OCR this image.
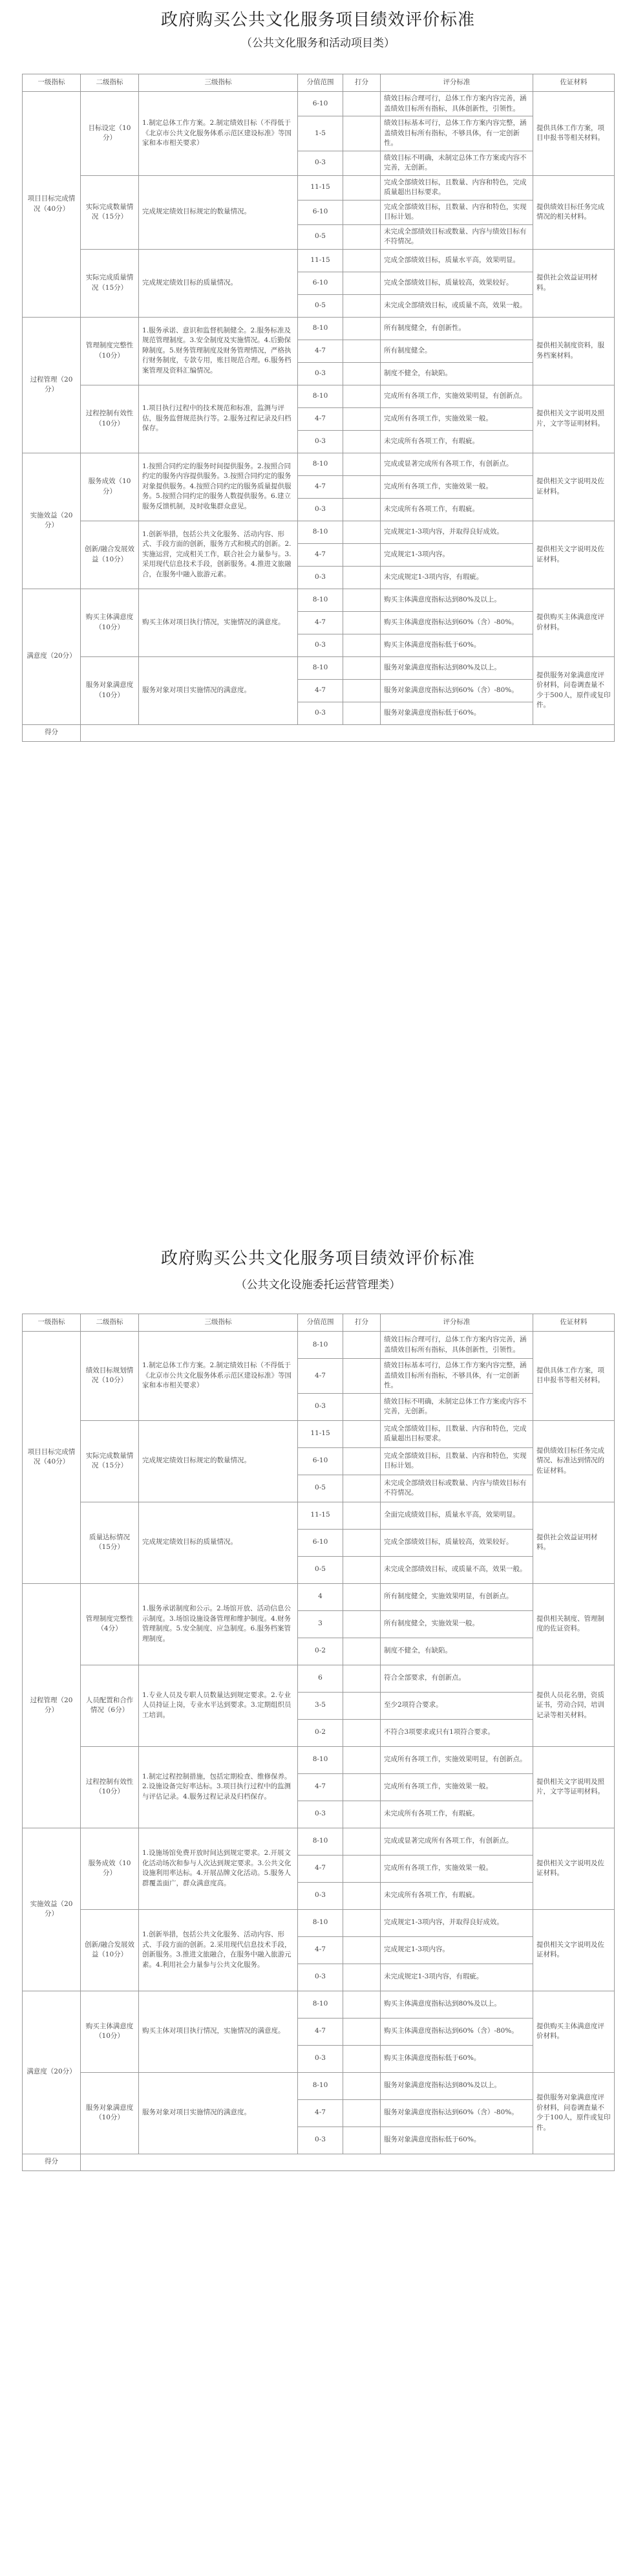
政府购买公共文化服务项目绩效评价标准
（公共文化服务和活动项目类）
一级指标	二级指标	三级指标	分值范围	打分	评分标准	佐证材料
项目目标完成情况（40分）	目标设定（10分）	1.制定总体工作方案。2.制定绩效目标（不得低于《北京市公共文化服务体系示范区建设标准》等国家和本市相关要求）	6-10		绩效目标合理可行，总体工作方案内容完善，涵盖绩效目标所有指标，具体创新性，引领性。	提供具体工作方案，项目申报书等相关材料。
			1-5		绩效目标基本可行，总体工作方案内容完整，涵盖绩效目标所有指标，不够具体，有一定创新性。	
			0-3		绩效目标不明确，未制定总体工作方案或内容不完善，无创新。	
	实际完成数量情况（15分）	完成规定绩效目标规定的数量情况。	11-15		完成全部绩效目标，且数量、内容和特色，完成质量超出目标要求。	提供绩效目标任务完成情况的相关材料。
			6-10		完成全部绩效目标，且数量、内容和特色，实现目标计划。	
			0-5		未完成全部绩效目标或数量、内容与绩效目标有不符情况。	
	实际完成质量情况（15分）	完成规定绩效目标的质量情况。	11-15		完成全部绩效目标，质量水平高，效果明显。	提供社会效益证明材料。
			6-10		完成全部绩效目标，质量较高，效果较好。	
			0-5		未完成全部绩效目标，或质量不高，效果一般。	
过程管理（20分）	管理制度完整性（10分）	1.服务承诺、意识和监督机制健全。2.服务标准及规范管理制度。3.安全制度及实施情况。4.后勤保障制度。5.财务管理制度及财务管理情况，严格执行财务制度，专款专用，账目规范合理。6.服务档案管理及资料汇编情况。	8-10		所有制度健全，有创新性。	提供相关制度资料，服务档案材料。
			4-7		所有制度健全。	
			0-3		制度不健全，有缺陷。	
	过程控制有效性（10分）	1.项目执行过程中的技术规范和标准，监测与评估，服务监督规范执行等。2.服务过程记录及归档保存。	8-10		完成所有各项工作，实施效果明显，有创新点。	提供相关文字说明及照片，文字等证明材料。
			4-7		完成所有各项工作，实施效果一般。	
			0-3		未完成所有各项工作，有瑕疵。	
实施效益（20分）	服务成效（10分）	1.按照合同约定的服务时间提供服务。2.按照合同约定的服务内容提供服务。3.按照合同约定的服务对象提供服务。4.按照合同约定的服务质量提供服务。5.按照合同约定的服务人数提供服务。6.建立服务反馈机制，及时收集群众意见。	8-10		完成或显著完成所有各项工作，有创新点。	提供相关文字说明及佐证材料。
			4-7		完成所有各项工作，实施效果一般。	
			0-3		未完成所有各项工作，有瑕疵。	
	创新/融合发展效益（10分）	1.创新举措，包括公共文化服务、活动内容、形式、手段方面的创新，服务方式和模式的创新。2.实施运营，完成相关工作，联合社会力量参与。3.采用现代信息技术手段，创新服务。4.推进文旅融合，在服务中融入旅游元素。	8-10		完成规定1-3项内容，并取得良好成效。	提供相关文字说明及佐证材料。
			4-7		完成规定1-3项内容。	
			0-3		未完成规定1-3项内容，有瑕疵。	
满意度（20分）	购买主体满意度（10分）	购买主体对项目执行情况，实施情况的满意度。	8-10		购买主体满意度指标达到80%及以上。	提供购买主体满意度评价材料。
			4-7		购买主体满意度指标达到60%（含）-80%。	
			0-3		购买主体满意度指标低于60%。	
	服务对象满意度（10分）	服务对象对项目实施情况的满意度。	8-10		服务对象满意度指标达到80%及以上。	提供服务对象满意度评价材料，问卷调查量不少于500人，原件或复印件。
			4-7		服务对象满意度指标达到60%（含）-80%。	
			0-3		服务对象满意度指标低于60%。	
得分						
政府购买公共文化服务项目绩效评价标准
（公共文化设施委托运营管理类）
一级指标	二级指标	三级指标	分值范围	打分	评分标准	佐证材料
项目目标完成情况（40分）	绩效目标规划情况（10分）	1.制定总体工作方案。2.制定绩效目标（不得低于《北京市公共文化服务体系示范区建设标准》等国家和本市相关要求）	8-10		绩效目标合理可行，总体工作方案内容完善，涵盖绩效目标所有指标，具体创新性，引领性。	提供具体工作方案，项目申报书等相关材料。
			4-7		绩效目标基本可行，总体工作方案内容完整，涵盖绩效目标所有指标，不够具体，有一定创新性。	
			0-3		绩效目标不明确，未制定总体工作方案或内容不完善，无创新。	
	实际完成数量情况（15分）	完成规定绩效目标规定的数量情况。	11-15		完成全部绩效目标，且数量、内容和特色，完成质量超出目标要求。	提供绩效目标任务完成情况、标准达到情况的佐证材料。
			6-10		完成全部绩效目标，且数量、内容和特色，实现目标计划。	
			0-5		未完成全部绩效目标或数量、内容与绩效目标有不符情况。	
	质量达标情况（15分）	完成规定绩效目标的质量情况。	11-15		全面完成绩效目标，质量水平高，效果明显。	提供社会效益证明材料。
			6-10		完成全部绩效目标，质量较高，效果较好。	
			0-5		未完成全部绩效目标，或质量不高，效果一般。	
过程管理（20分）	管理制度完整性（4分）	1.服务承诺制度和公示。2.场馆开放、活动信息公示制度。3.场馆设施设备管理和维护制度。4.财务管理制度。5.安全制度、应急制度。6.服务档案管理制度。	4		所有制度健全，实施效果明显，有创新点。	提供相关制度、管理制度的佐证资料。
			3		所有制度健全，实施效果一般。	
			0-2		制度不健全，有缺陷。	
	人员配置和合作情况（6分）	1.专业人员及专职人员数量达到规定要求。2.专业人员持证上岗，专业水平达到要求。3.定期组织员工培训。	6		符合全部要求，有创新点。	提供人员花名册，资质证书，劳动合同，培训记录等相关材料。
			3-5		至少2项符合要求。	
			0-2		不符合3项要求或只有1项符合要求。	
	过程控制有效性（10分）	1.制定过程控制措施，包括定期检查、维修保养。2.设施设备完好率达标。3.项目执行过程中的监测与评估记录。4.服务过程记录及归档保存。	8-10		完成所有各项工作，实施效果明显，有创新点。	提供相关文字说明及照片，文字等证明材料。
			4-7		完成所有各项工作，实施效果一般。	
			0-3		未完成所有各项工作，有瑕疵。	
实施效益（20分）	服务成效（10分）	1.设施场馆免费开放时间达到规定要求。2.开展文化活动场次和参与人次达到规定要求。3.公共文化设施利用率达标。4.开展品牌文化活动。5.服务人群覆盖面广，群众满意度高。	8-10		完成或显著完成所有各项工作，有创新点。	提供相关文字说明及佐证材料。
			4-7		完成所有各项工作，实施效果一般。	
			0-3		未完成所有各项工作，有瑕疵。	
	创新/融合发展效益（10分）	1.创新举措，包括公共文化服务、活动内容、形式、手段方面的创新。2.采用现代信息技术手段，创新服务。3.推进文旅融合，在服务中融入旅游元素。4.利用社会力量参与公共文化服务。	8-10		完成规定1-3项内容，并取得良好成效。	提供相关文字说明及佐证材料。
			4-7		完成规定1-3项内容。	
			0-3		未完成规定1-3项内容，有瑕疵。	
满意度（20分）	购买主体满意度（10分）	购买主体对项目执行情况，实施情况的满意度。	8-10		购买主体满意度指标达到80%及以上。	提供购买主体满意度评价材料。
			4-7		购买主体满意度指标达到60%（含）-80%。	
			0-3		购买主体满意度指标低于60%。	
	服务对象满意度（10分）	服务对象对项目实施情况的满意度。	8-10		服务对象满意度指标达到80%及以上。	提供服务对象满意度评价材料，问卷调查量不少于100人，原件或复印件。
			4-7		服务对象满意度指标达到60%（含）-80%。	
			0-3		服务对象满意度指标低于60%。	
得分						
